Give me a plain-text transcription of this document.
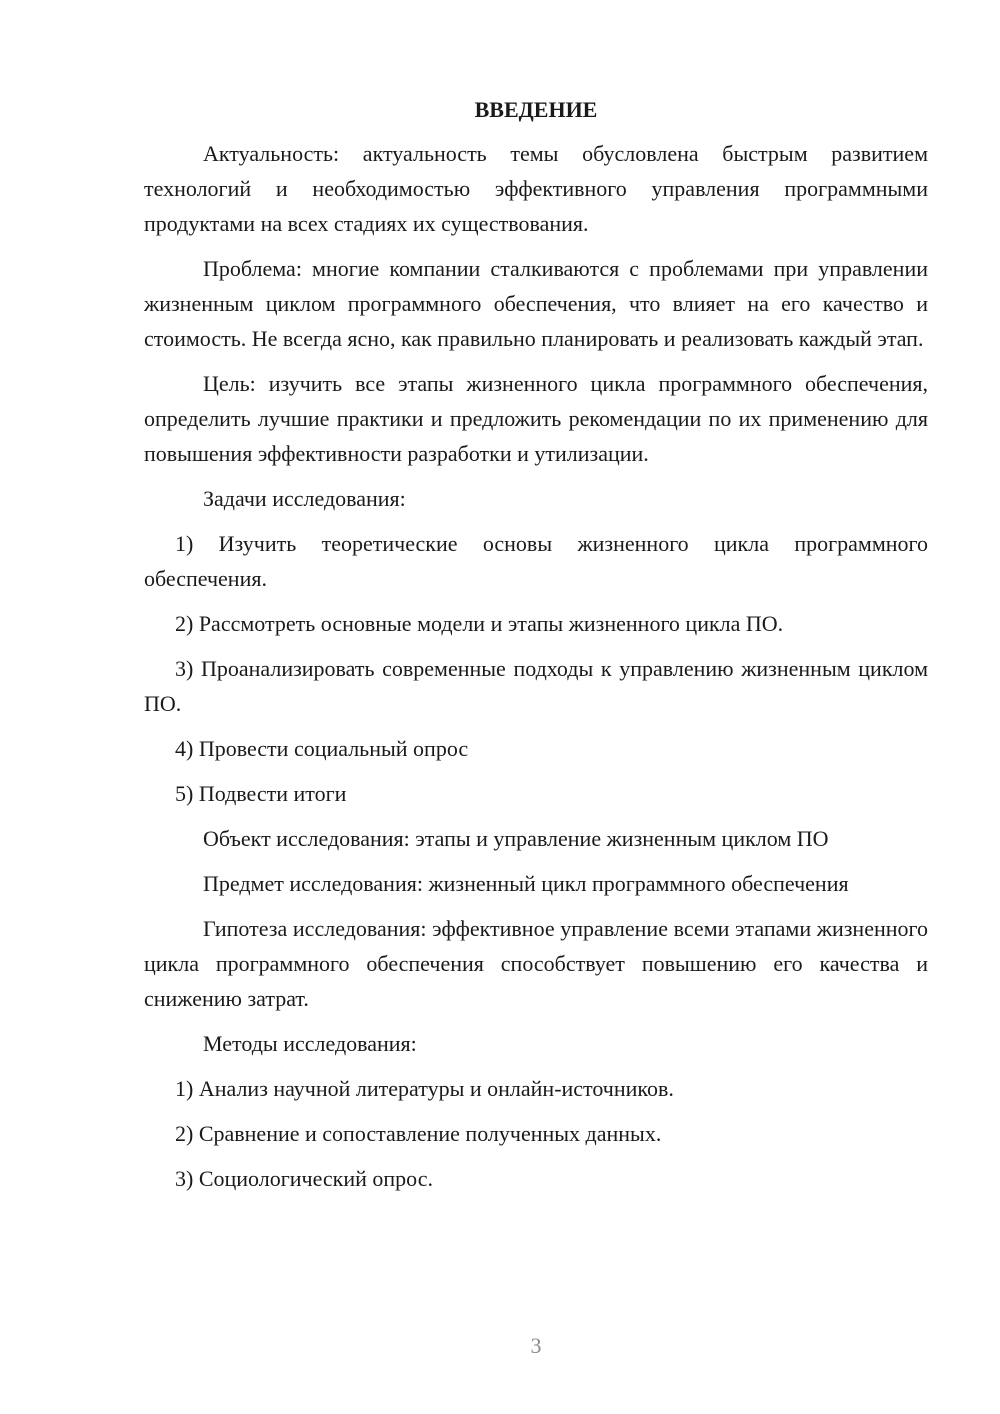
ВВЕДЕНИЕ
Актуальность: актуальность темы обусловлена быстрым развитием технологий и необходимостью эффективного управления программными продуктами на всех стадиях их существования.
Проблема: многие компании сталкиваются с проблемами при управлении жизненным циклом программного обеспечения, что влияет на его качество и стоимость. Не всегда ясно, как правильно планировать и реализовать каждый этап.
Цель: изучить все этапы жизненного цикла программного обеспечения, определить лучшие практики и предложить рекомендации по их применению для повышения эффективности разработки и утилизации.
Задачи исследования:
1) Изучить теоретические основы жизненного цикла программного обеспечения.
2) Рассмотреть основные модели и этапы жизненного цикла ПО.
3) Проанализировать современные подходы к управлению жизненным циклом ПО.
4) Провести социальный опрос
5) Подвести итоги
Объект исследования: этапы и управление жизненным циклом ПО
Предмет исследования: жизненный цикл программного обеспечения
Гипотеза исследования: эффективное управление всеми этапами жизненного цикла программного обеспечения способствует повышению его качества и снижению затрат.
Методы исследования:
1) Анализ научной литературы и онлайн-источников.
2) Сравнение и сопоставление полученных данных.
3) Социологический опрос.
3
